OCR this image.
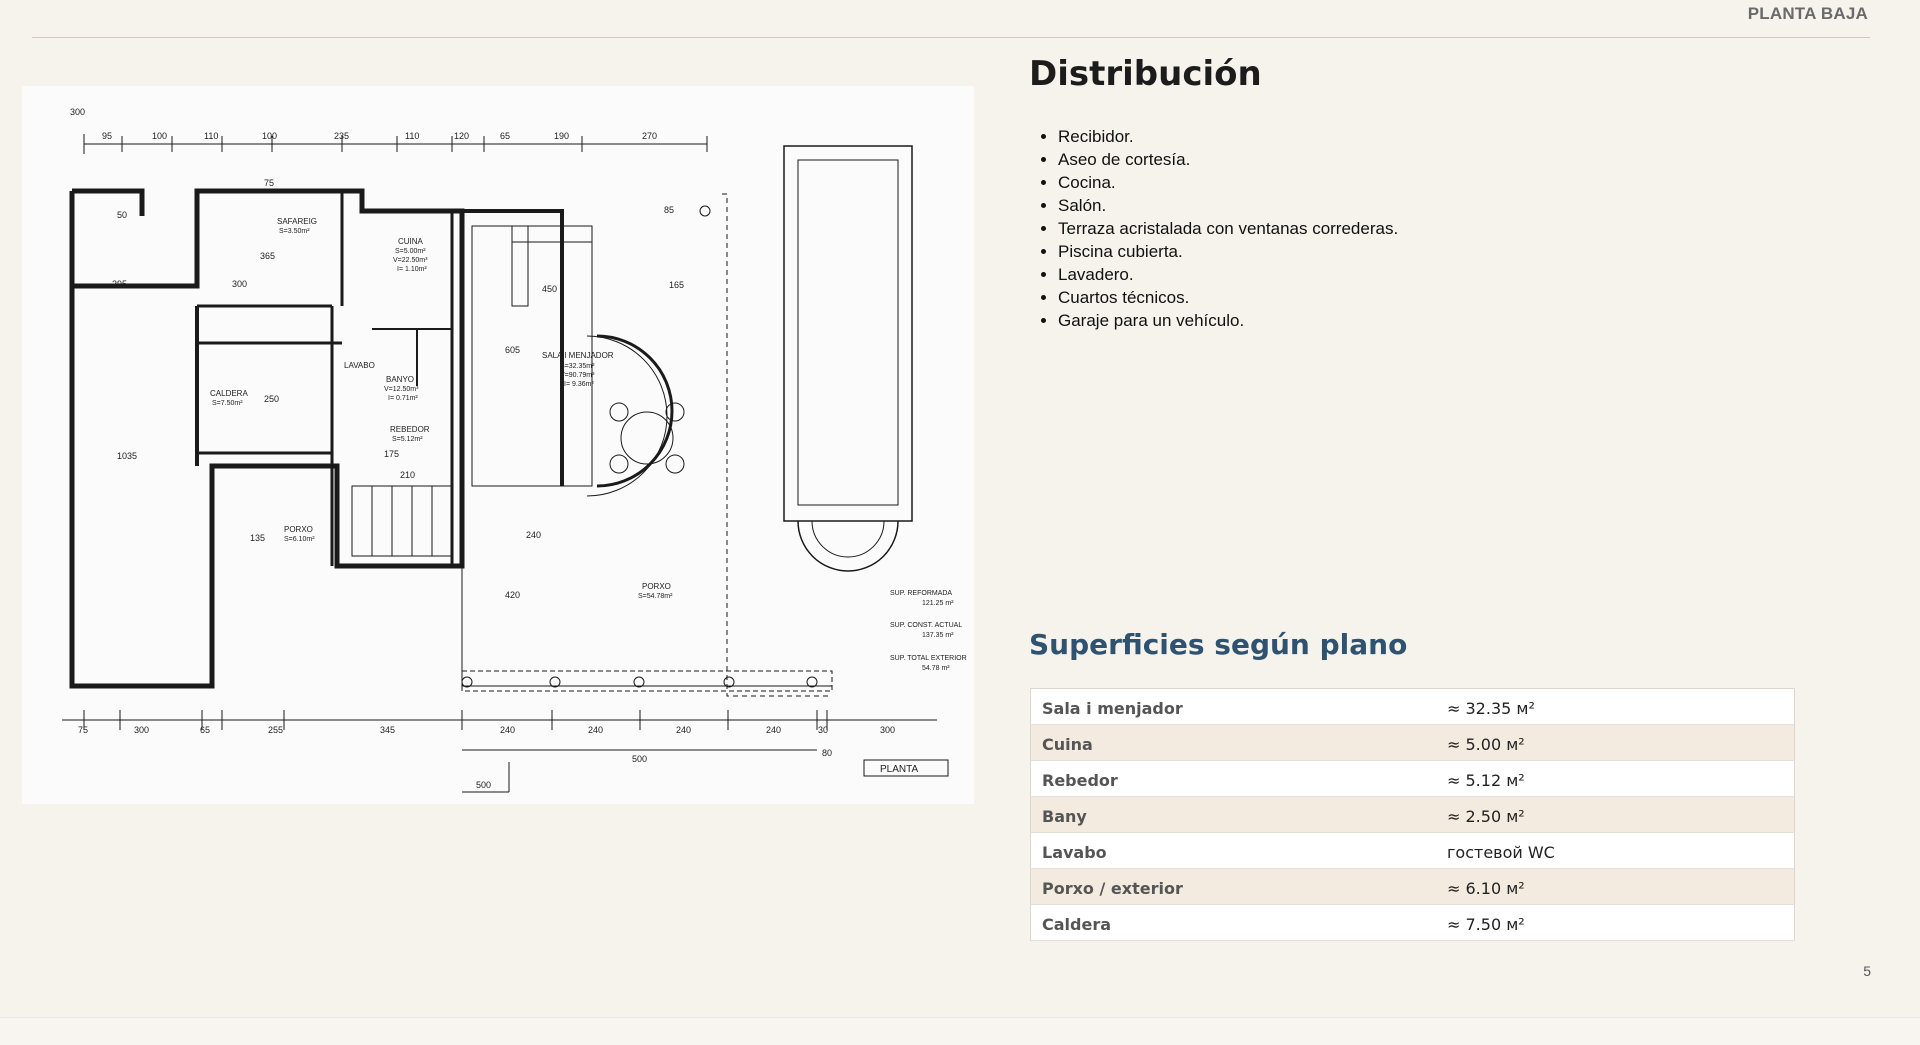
PLANTA BAJA
300
95	100	110	100	235	110	120	65	190	270
SAFAREIG
S=3.50m²
CUINA
S=5.00m²
V=22.50m³
I= 1.10m²
CALDERA
S=7.50m²
LAVABO
BANYO
V=12.50m³
I= 0.71m²
REBEDOR
S=5.12m²
SALA I MENJADOR
S=32.35m²
V=90.79m³
I= 9.36m²
PORXO
S=6.10m²
PORXO
S=54.78m²
50
75
365
295	300
250
1035
605
450	165
85
240
420
135
175
210
500
80
75	300	65	255	345	240	240	240	240	30	300
500
SUP. REFORMADA
121.25 m²
SUP. CONST. ACTUAL
137.35 m²
SUP. TOTAL EXTERIOR
54.78 m²
PLANTA
Distribución
• Recibidor.
• Aseo de cortesía.
• Cocina.
• Salón.
• Terraza acristalada con ventanas correderas.
• Piscina cubierta.
• Lavadero.
• Cuartos técnicos.
• Garaje para un vehículo.
Superficies según plano
Sala i menjador	≈ 32.35 м²
Cuina	≈ 5.00 м²
Rebedor	≈ 5.12 м²
Bany	≈ 2.50 м²
Lavabo	гостевой WC
Porxo / exterior	≈ 6.10 м²
Caldera	≈ 7.50 м²
5
